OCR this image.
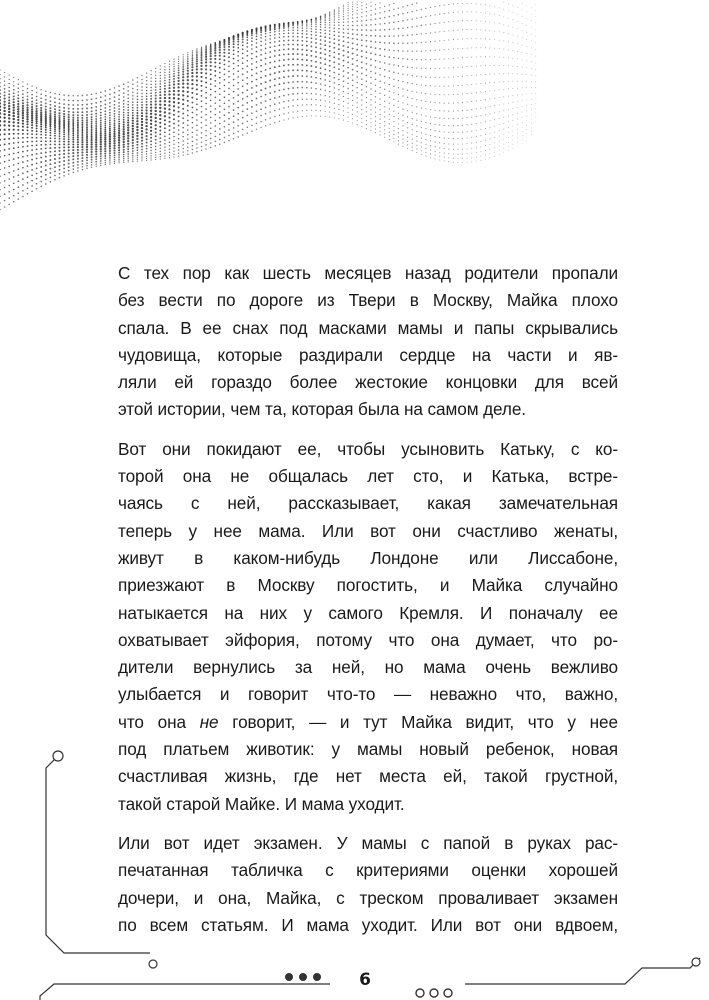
С тех пор как шесть месяцев назад родители пропали
без вести по дороге из Твери в Москву, Майка плохо
спала. В ее снах под масками мамы и папы скрывались
чудовища, которые раздирали сердце на части и яв-
ляли ей гораздо более жестокие концовки для всей
этой истории, чем та, которая была на самом деле.

Вот они покидают ее, чтобы усыновить Катьку, с ко-
торой она не общалась лет сто, и Катька, встре-
чаясь с ней, рассказывает, какая замечательная
теперь у нее мама. Или вот они счастливо женаты,
живут в каком-нибудь Лондоне или Лиссабоне,
приезжают в Москву погостить, и Майка случайно
натыкается на них у самого Кремля. И поначалу ее
охватывает эйфория, потому что она думает, что ро-
дители вернулись за ней, но мама очень вежливо
улыбается и говорит что-то — неважно что, важно,
что она не говорит, — и тут Майка видит, что у нее
под платьем животик: у мамы новый ребенок, новая
счастливая жизнь, где нет места ей, такой грустной,
такой старой Майке. И мама уходит.

Или вот идет экзамен. У мамы с папой в руках рас-
печатанная табличка с критериями оценки хорошей
дочери, и она, Майка, с треском проваливает экзамен
по всем статьям. И мама уходит. Или вот они вдвоем,

6
